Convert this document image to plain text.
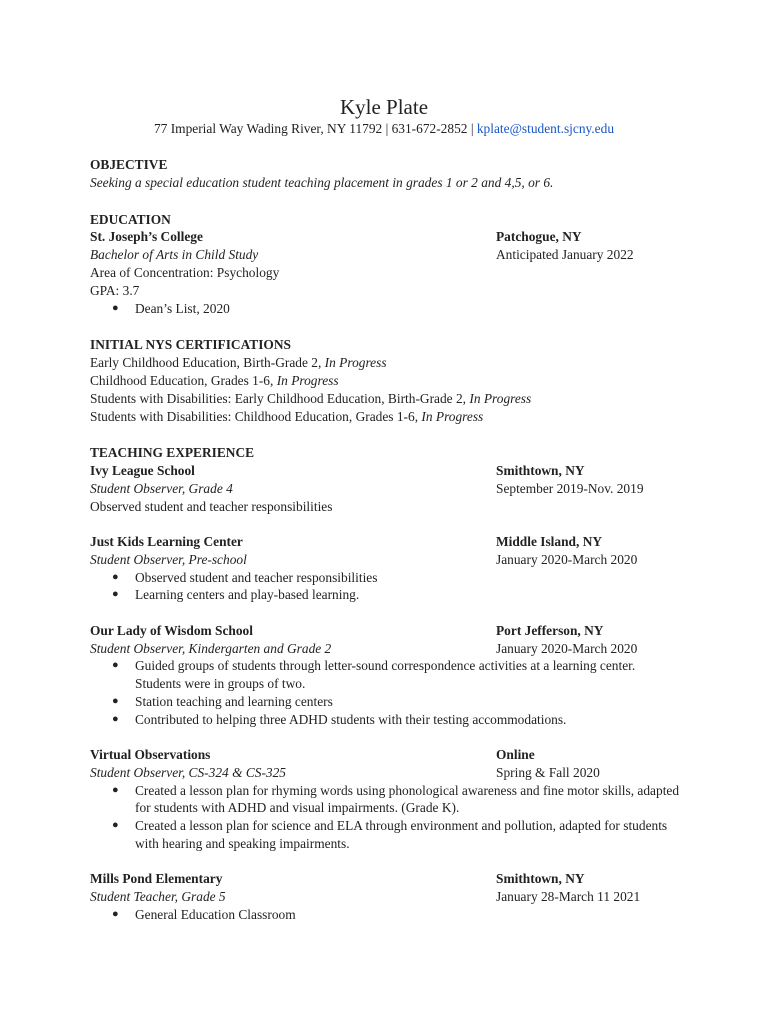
Kyle Plate
77 Imperial Way Wading River, NY 11792 | 631-672-2852 | kplate@student.sjcny.edu
OBJECTIVE
Seeking a special education student teaching placement in grades 1 or 2 and 4,5, or 6.
EDUCATION
St. Joseph’s College	Patchogue, NY
Bachelor of Arts in Child Study	Anticipated January 2022
Area of Concentration: Psychology
GPA: 3.7
● Dean’s List, 2020
INITIAL NYS CERTIFICATIONS
Early Childhood Education, Birth-Grade 2, In Progress
Childhood Education, Grades 1-6, In Progress
Students with Disabilities: Early Childhood Education, Birth-Grade 2, In Progress
Students with Disabilities: Childhood Education, Grades 1-6, In Progress
TEACHING EXPERIENCE
Ivy League School	Smithtown, NY
Student Observer, Grade 4	September 2019-Nov. 2019
Observed student and teacher responsibilities
Just Kids Learning Center	Middle Island, NY
Student Observer, Pre-school	January 2020-March 2020
● Observed student and teacher responsibilities
● Learning centers and play-based learning.
Our Lady of Wisdom School	Port Jefferson, NY
Student Observer, Kindergarten and Grade 2	January 2020-March 2020
● Guided groups of students through letter-sound correspondence activities at a learning center. Students were in groups of two.
● Station teaching and learning centers
● Contributed to helping three ADHD students with their testing accommodations.
Virtual Observations	Online
Student Observer, CS-324 & CS-325	Spring & Fall 2020
● Created a lesson plan for rhyming words using phonological awareness and fine motor skills, adapted for students with ADHD and visual impairments. (Grade K).
● Created a lesson plan for science and ELA through environment and pollution, adapted for students with hearing and speaking impairments.
Mills Pond Elementary	Smithtown, NY
Student Teacher, Grade 5	January 28-March 11 2021
● General Education Classroom
